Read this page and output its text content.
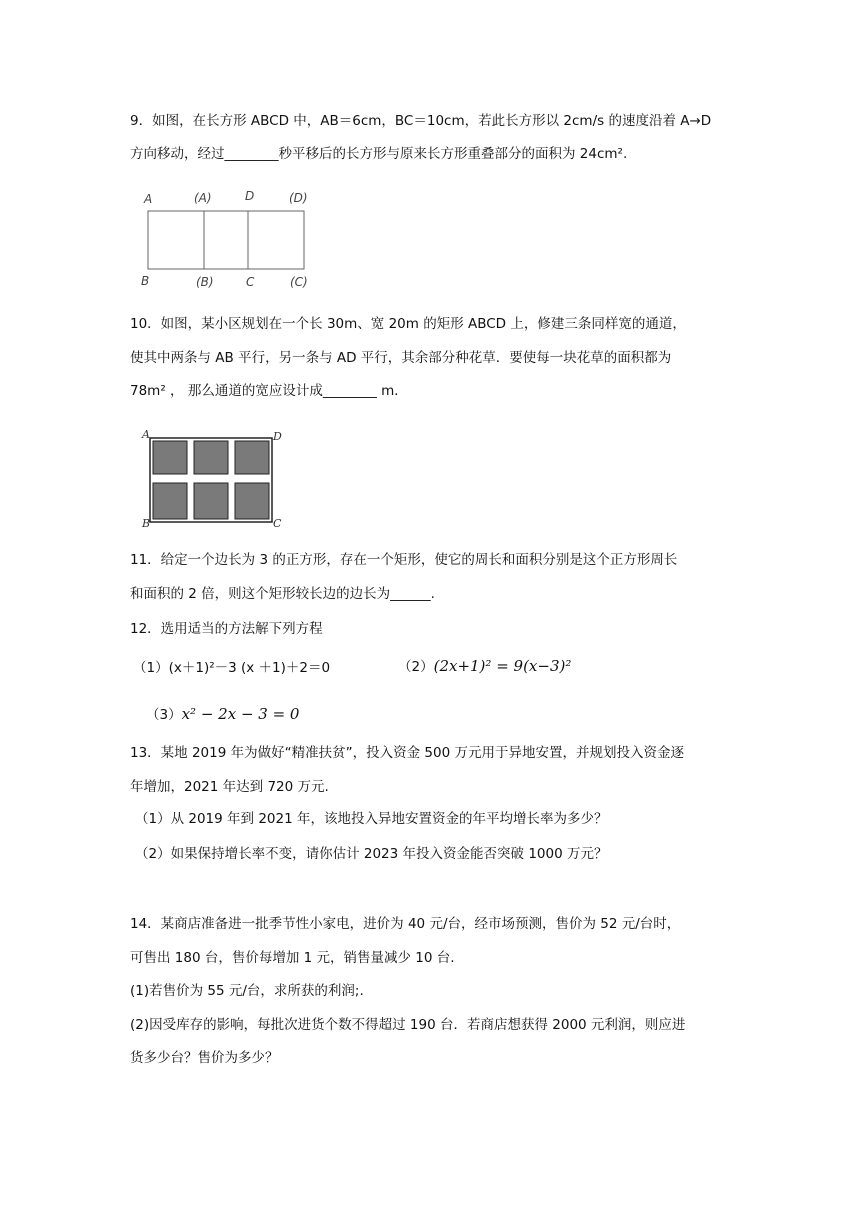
9．如图，在长方形 ABCD 中，AB＝6cm，BC＝10cm，若此长方形以 2cm/s 的速度沿着 A→D
方向移动，经过________秒平移后的长方形与原来长方形重叠部分的面积为 24cm².
A	(A)	D	(D)
B	(B)	C	(C)
10．如图，某小区规划在一个长 30m、宽 20m 的矩形 ABCD 上，修建三条同样宽的通道，
使其中两条与 AB 平行，另一条与 AD 平行，其余部分种花草．要使每一块花草的面积都为
78m² ， 那么通道的宽应设计成________ m．
A	D
B	C
11．给定一个边长为 3 的正方形，存在一个矩形，使它的周长和面积分别是这个正方形周长
和面积的 2 倍，则这个矩形较长边的边长为______.
12．选用适当的方法解下列方程
（1）(x＋1)²－3 (x ＋1)＋2＝0	（2）(2x+1)² = 9(x−3)²
（3）x² − 2x − 3 = 0
13．某地 2019 年为做好“精准扶贫”，投入资金 500 万元用于异地安置，并规划投入资金逐
年增加，2021 年达到 720 万元.
（1）从 2019 年到 2021 年，该地投入异地安置资金的年平均增长率为多少？
（2）如果保持增长率不变，请你估计 2023 年投入资金能否突破 1000 万元？
14．某商店准备进一批季节性小家电，进价为 40 元/台，经市场预测，售价为 52 元/台时，
可售出 180 台，售价每增加 1 元，销售量减少 10 台.
(1)若售价为 55 元/台，求所获的利润;.
(2)因受库存的影响，每批次进货个数不得超过 190 台．若商店想获得 2000 元利润，则应进
货多少台？售价为多少？
